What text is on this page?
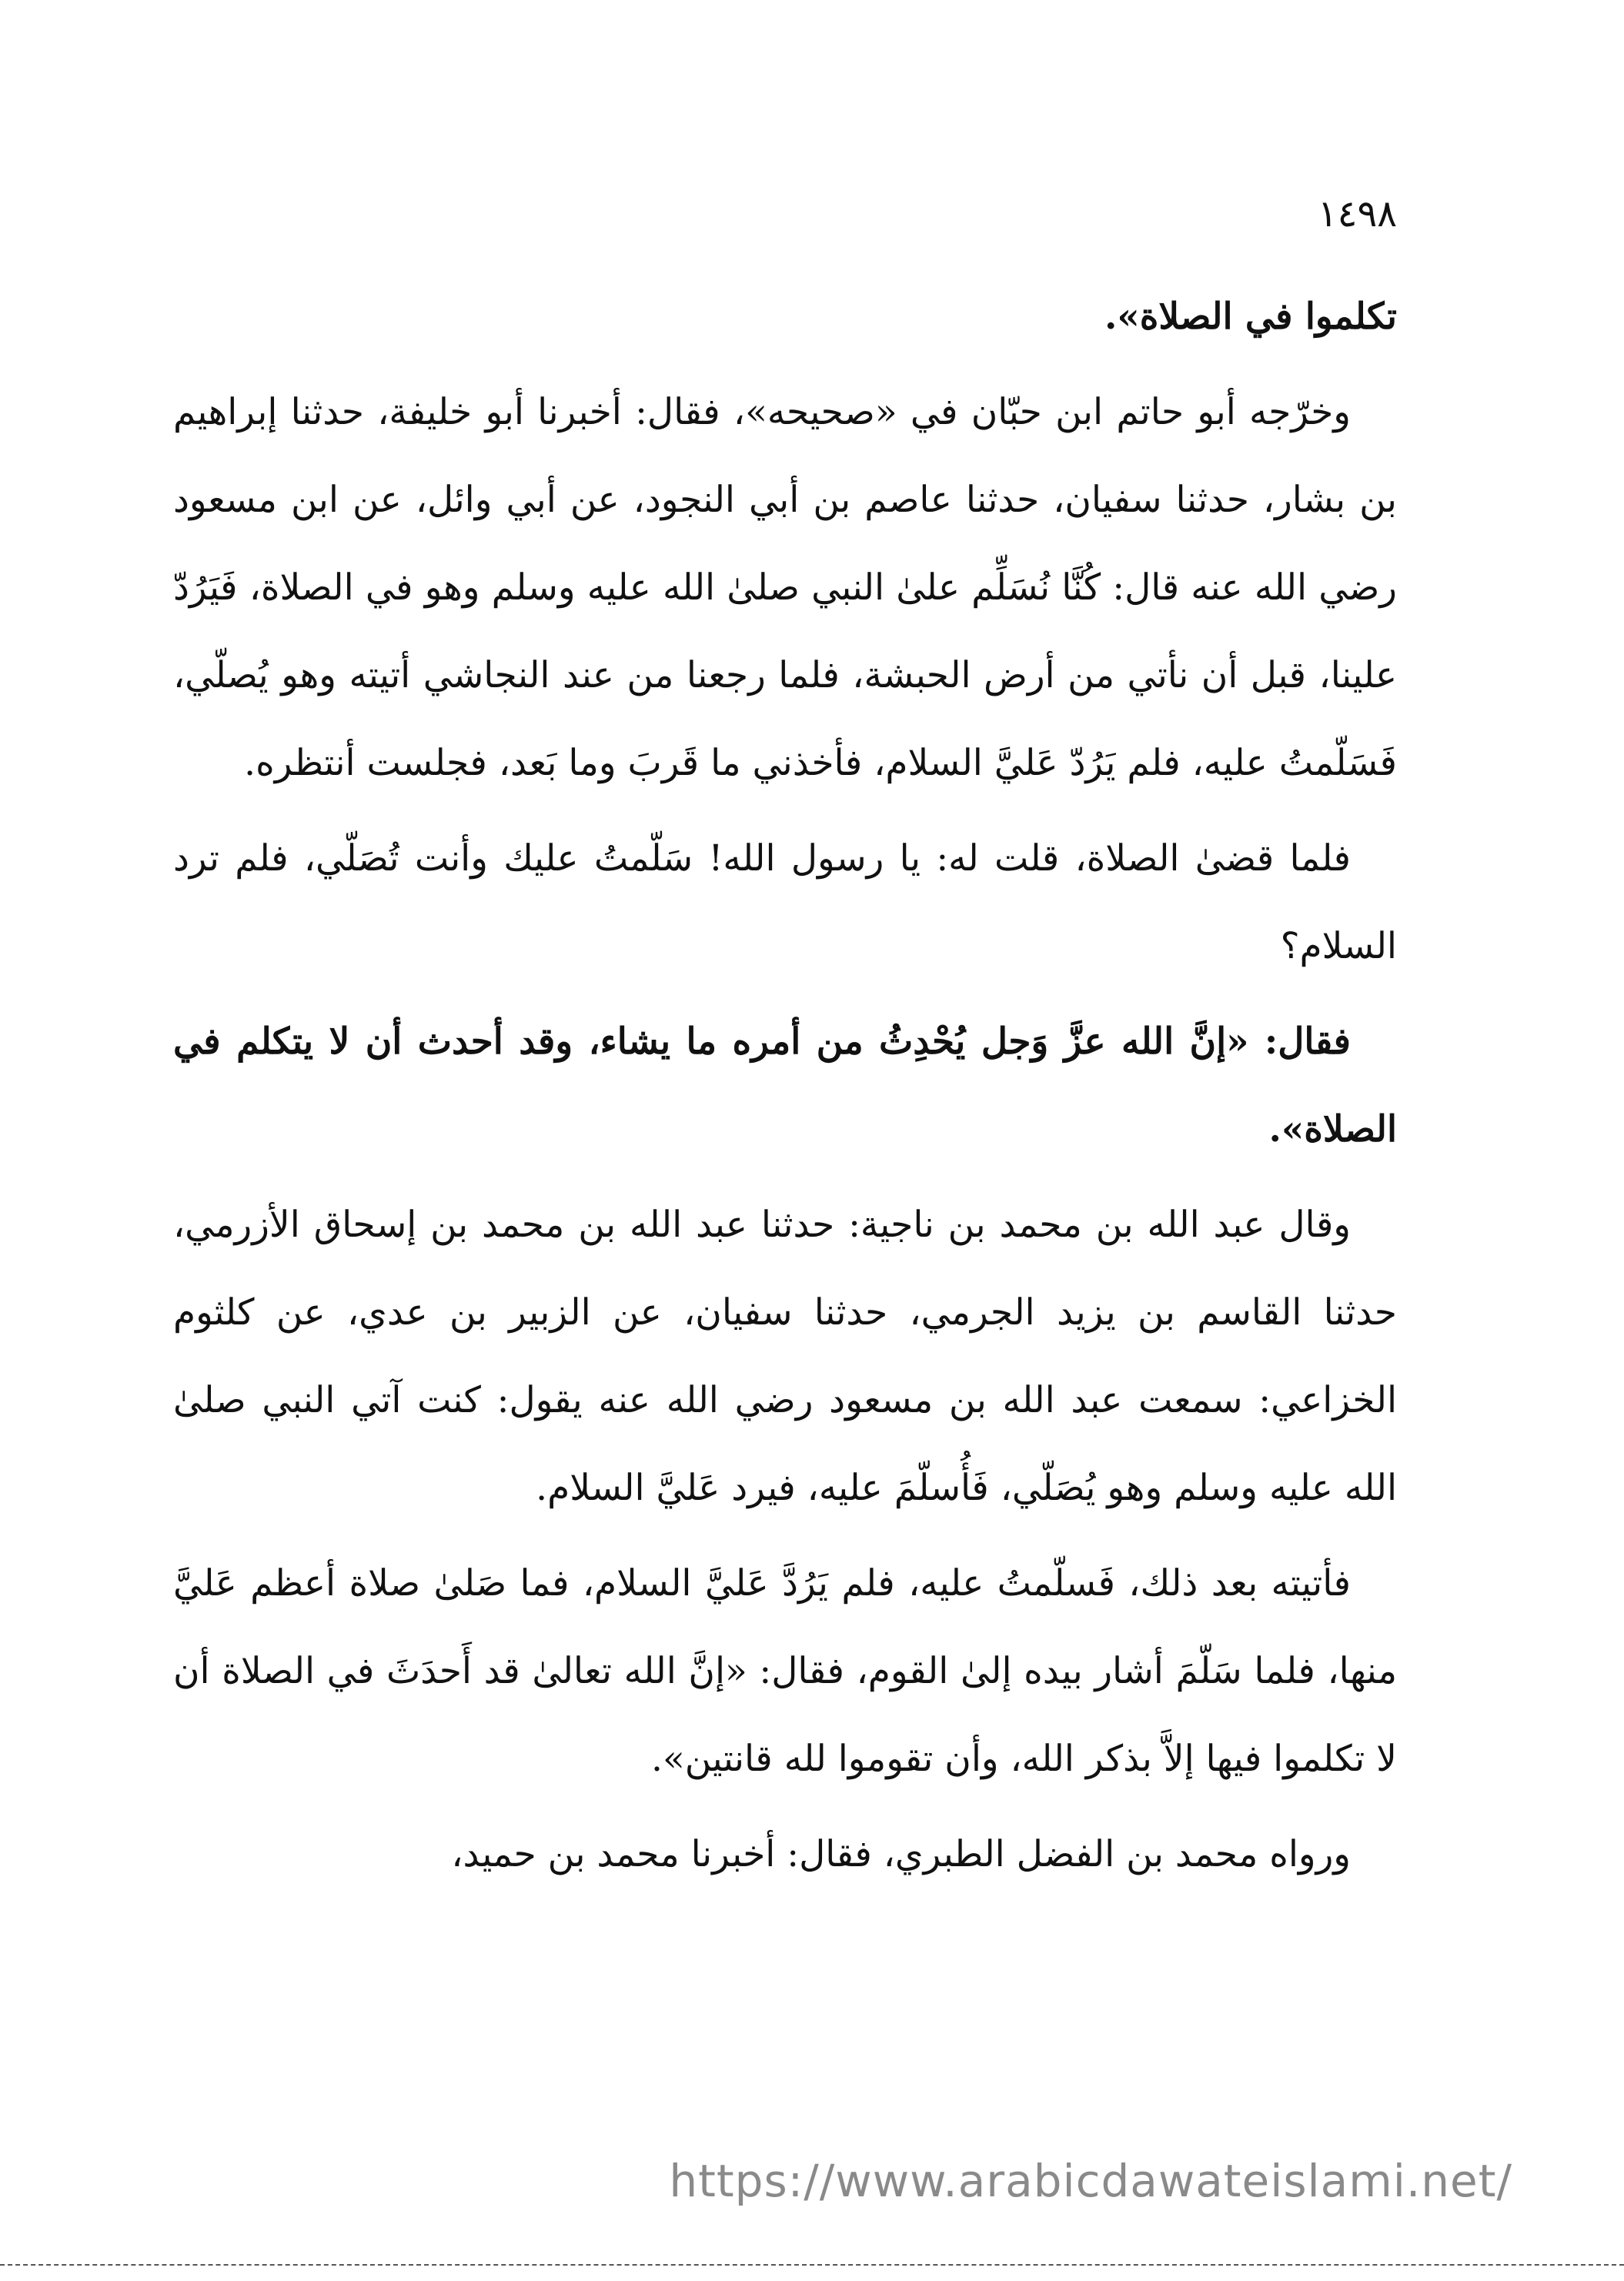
١٤٩٨

تكلموا في الصلاة».

وخرّجه أبو حاتم ابن حبّان في «صحيحه»، فقال: أخبرنا أبو خليفة، حدثنا إبراهيم بن بشار، حدثنا سفيان، حدثنا عاصم بن أبي النجود، عن أبي وائل، عن ابن مسعود رضي الله عنه قال: كُنَّا نُسَلِّم علىٰ النبي صلىٰ الله عليه وسلم وهو في الصلاة، فَيَرُدّ علينا، قبل أن نأتي من أرض الحبشة، فلما رجعنا من عند النجاشي أتيته وهو يُصلّي، فَسَلّمتُ عليه، فلم يَرُدّ عَليَّ السلام، فأخذني ما قَربَ وما بَعد، فجلست أنتظره.

فلما قضىٰ الصلاة، قلت له: يا رسول الله! سَلّمتُ عليك وأنت تُصَلّي، فلم ترد السلام؟

فقال: «إنَّ الله عزَّ وَجل يُحْدِثُ من أمره ما يشاء، وقد أحدث أن لا يتكلم في الصلاة».

وقال عبد الله بن محمد بن ناجية: حدثنا عبد الله بن محمد بن إسحاق الأزرمي، حدثنا القاسم بن يزيد الجرمي، حدثنا سفيان، عن الزبير بن عدي، عن كلثوم الخزاعي: سمعت عبد الله بن مسعود رضي الله عنه يقول: كنت آتي النبي صلىٰ الله عليه وسلم وهو يُصَلّي، فَأُسلّمَ عليه، فيرد عَليَّ السلام.

فأتيته بعد ذلك، فَسلّمتُ عليه، فلم يَرُدَّ عَليَّ السلام، فما صَلىٰ صلاة أعظم عَليَّ منها، فلما سَلّمَ أشار بيده إلىٰ القوم، فقال: «إنَّ الله تعالىٰ قد أَحدَثَ في الصلاة أن لا تكلموا فيها إلاَّ بذكر الله، وأن تقوموا لله قانتين».

ورواه محمد بن الفضل الطبري، فقال: أخبرنا محمد بن حميد،

https://www.arabicdawateislami.net/
